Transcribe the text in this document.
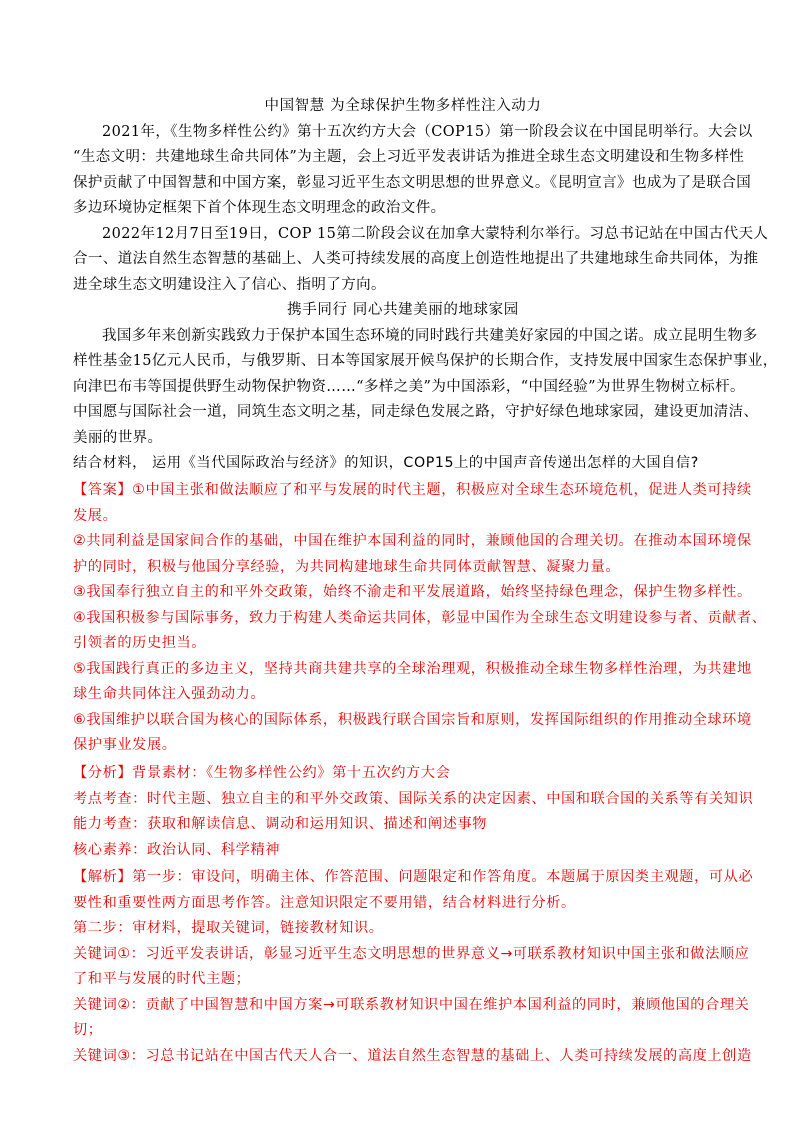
中国智慧 为全球保护生物多样性注入动力
2021年，《生物多样性公约》第十五次约方大会（COP15）第一阶段会议在中国昆明举行。大会以
“生态文明：共建地球生命共同体”为主题，会上习近平发表讲话为推进全球生态文明建设和生物多样性
保护贡献了中国智慧和中国方案，彰显习近平生态文明思想的世界意义。《昆明宣言》也成为了是联合国
多边环境协定框架下首个体现生态文明理念的政治文件。
2022年12月7日至19日，COP 15第二阶段会议在加拿大蒙特利尔举行。习总书记站在中国古代天人
合一、道法自然生态智慧的基础上、人类可持续发展的高度上创造性地提出了共建地球生命共同体，为推
进全球生态文明建设注入了信心、指明了方向。
携手同行 同心共建美丽的地球家园
我国多年来创新实践致力于保护本国生态环境的同时践行共建美好家园的中国之诺。成立昆明生物多
样性基金15亿元人民币，与俄罗斯、日本等国家展开候鸟保护的长期合作，支持发展中国家生态保护事业，
向津巴布韦等国提供野生动物保护物资……“多样之美”为中国添彩，“中国经验”为世界生物树立标杆。
中国愿与国际社会一道，同筑生态文明之基，同走绿色发展之路，守护好绿色地球家园，建设更加清洁、
美丽的世界。
结合材料， 运用《当代国际政治与经济》的知识，COP15上的中国声音传递出怎样的大国自信?
【答案】①中国主张和做法顺应了和平与发展的时代主题，积极应对全球生态环境危机，促进人类可持续
发展。
②共同利益是国家间合作的基础，中国在维护本国利益的同时，兼顾他国的合理关切。在推动本国环境保
护的同时，积极与他国分享经验，为共同构建地球生命共同体贡献智慧、凝聚力量。
③我国奉行独立自主的和平外交政策，始终不渝走和平发展道路，始终坚持绿色理念，保护生物多样性。
④我国积极参与国际事务，致力于构建人类命运共同体，彰显中国作为全球生态文明建设参与者、贡献者、
引领者的历史担当。
⑤我国践行真正的多边主义，坚持共商共建共享的全球治理观，积极推动全球生物多样性治理，为共建地
球生命共同体注入强劲动力。
⑥我国维护以联合国为核心的国际体系，积极践行联合国宗旨和原则，发挥国际组织的作用推动全球环境
保护事业发展。
【分析】背景素材：《生物多样性公约》第十五次约方大会
考点考查：时代主题、独立自主的和平外交政策、国际关系的决定因素、中国和联合国的关系等有关知识
能力考查：获取和解读信息、调动和运用知识、描述和阐述事物
核心素养：政治认同、科学精神
【解析】第一步：审设问，明确主体、作答范围、问题限定和作答角度。本题属于原因类主观题，可从必
要性和重要性两方面思考作答。注意知识限定不要用错，结合材料进行分析。
第二步：审材料，提取关键词，链接教材知识。
关键词①：习近平发表讲话，彰显习近平生态文明思想的世界意义→可联系教材知识中国主张和做法顺应
了和平与发展的时代主题；
关键词②：贡献了中国智慧和中国方案→可联系教材知识中国在维护本国利益的同时，兼顾他国的合理关
切；
关键词③：习总书记站在中国古代天人合一、道法自然生态智慧的基础上、人类可持续发展的高度上创造
